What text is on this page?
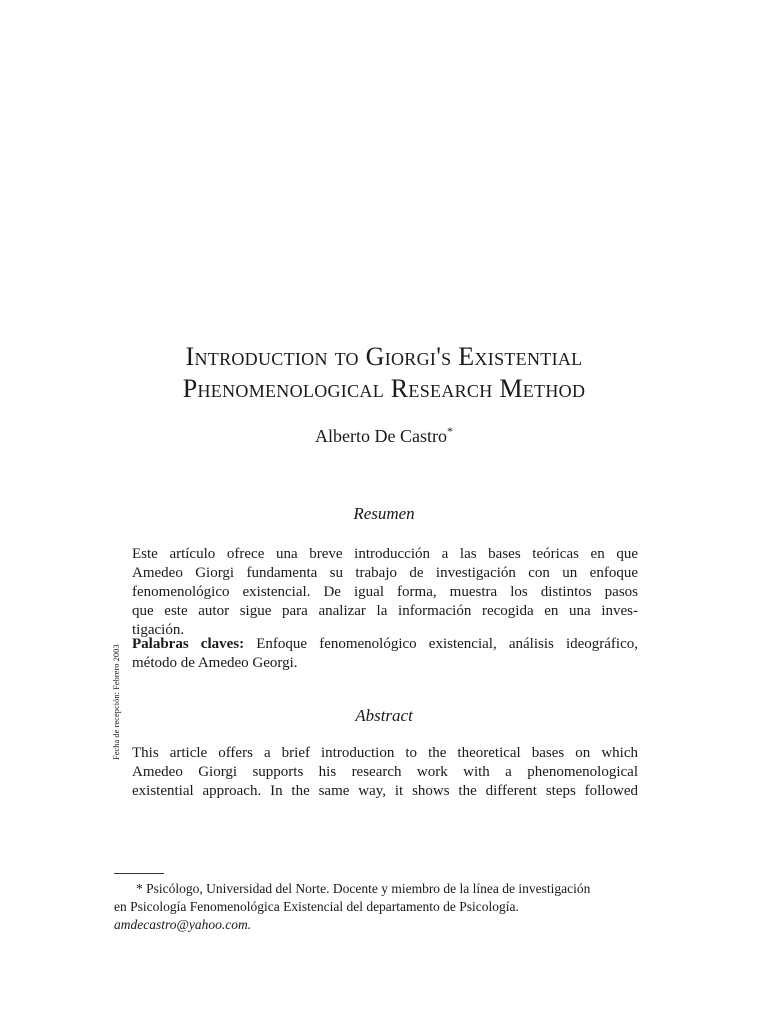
Introduction to Giorgi's Existential
Phenomenological Research Method
Alberto De Castro*
Resumen

Este artículo ofrece una breve introducción a las bases teóricas en que
Amedeo Giorgi fundamenta su trabajo de investigación con un enfoque
fenomenológico existencial. De igual forma, muestra los distintos pasos
que este autor sigue para analizar la información recogida en una inves-
tigación.

Palabras claves: Enfoque fenomenológico existencial, análisis ideográfico,
método de Amedeo Georgi.

Abstract

This article offers a brief introduction to the theoretical bases on which
Amedeo Giorgi supports his research work with a phenomenological
existential approach. In the same way, it shows the different steps followed

Fecha de recepción: Febrero 2003
* Psicólogo, Universidad del Norte. Docente y miembro de la línea de investigación
en Psicología Fenomenológica Existencial del departamento de Psicología.
amdecastro@yahoo.com.
